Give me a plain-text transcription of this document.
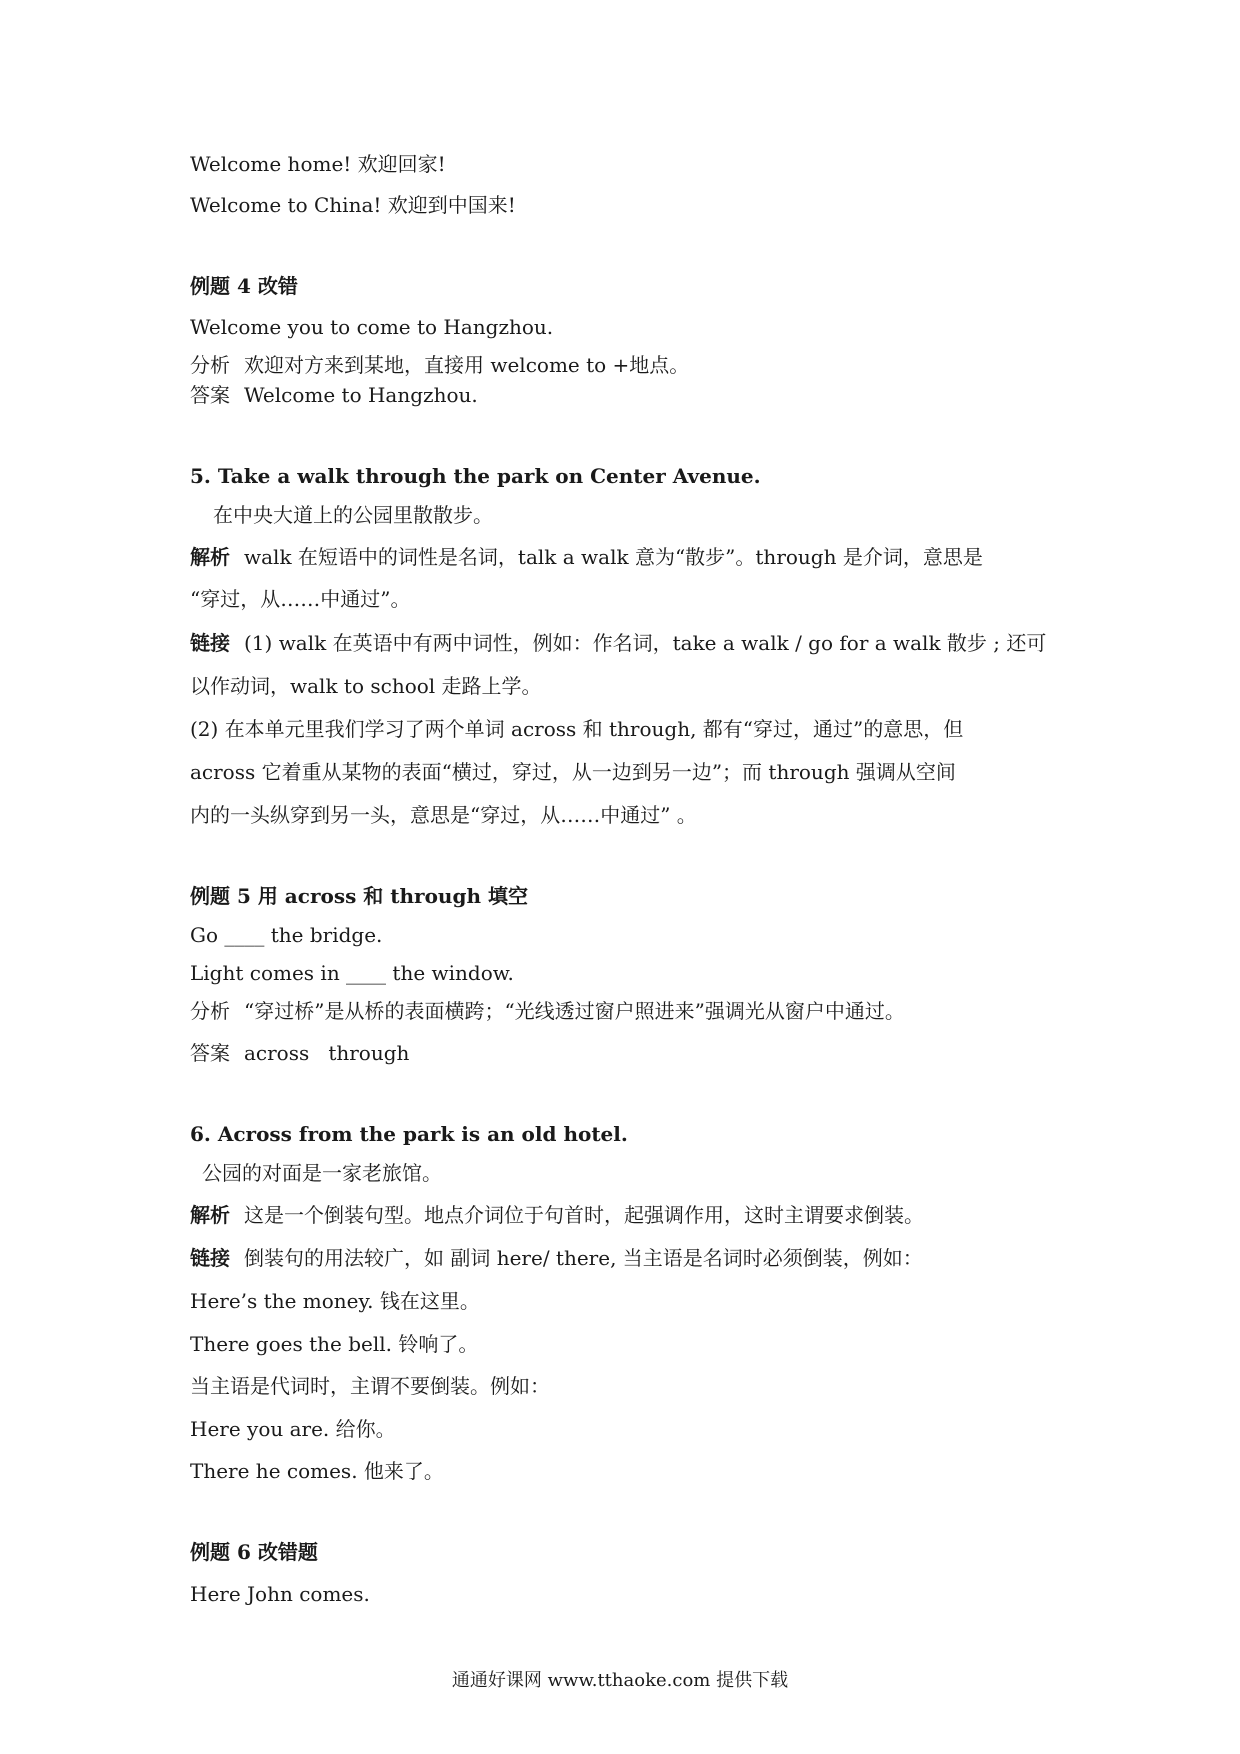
Welcome home! 欢迎回家!
Welcome to China! 欢迎到中国来!
例题 4 改错
Welcome you to come to Hangzhou.
分析 欢迎对方来到某地，直接用 welcome to +地点。
答案 Welcome to Hangzhou.
5. Take a walk through the park on Center Avenue.
在中央大道上的公园里散散步。
解析 walk 在短语中的词性是名词，talk a walk 意为“散步”。through 是介词，意思是
“穿过，从……中通过”。
链接 (1) walk 在英语中有两中词性，例如：作名词，take a walk / go for a walk 散步 ; 还可
以作动词，walk to school 走路上学。
(2) 在本单元里我们学习了两个单词 across 和 through, 都有“穿过，通过”的意思，但
across 它着重从某物的表面“横过，穿过，从一边到另一边”；而 through 强调从空间
内的一头纵穿到另一头，意思是“穿过，从……中通过” 。
例题 5 用 across 和 through 填空
Go ____ the bridge.
Light comes in ____ the window.
分析 “穿过桥”是从桥的表面横跨；“光线透过窗户照进来”强调光从窗户中通过。
答案 across   through
6. Across from the park is an old hotel.
公园的对面是一家老旅馆。
解析 这是一个倒装句型。地点介词位于句首时，起强调作用，这时主谓要求倒装。
链接 倒装句的用法较广，如 副词 here/ there, 当主语是名词时必须倒装，例如：
Here’s the money. 钱在这里。
There goes the bell. 铃响了。
当主语是代词时，主谓不要倒装。例如：
Here you are. 给你。
There he comes. 他来了。
例题 6 改错题
Here John comes.
通通好课网 www.tthaoke.com 提供下载
